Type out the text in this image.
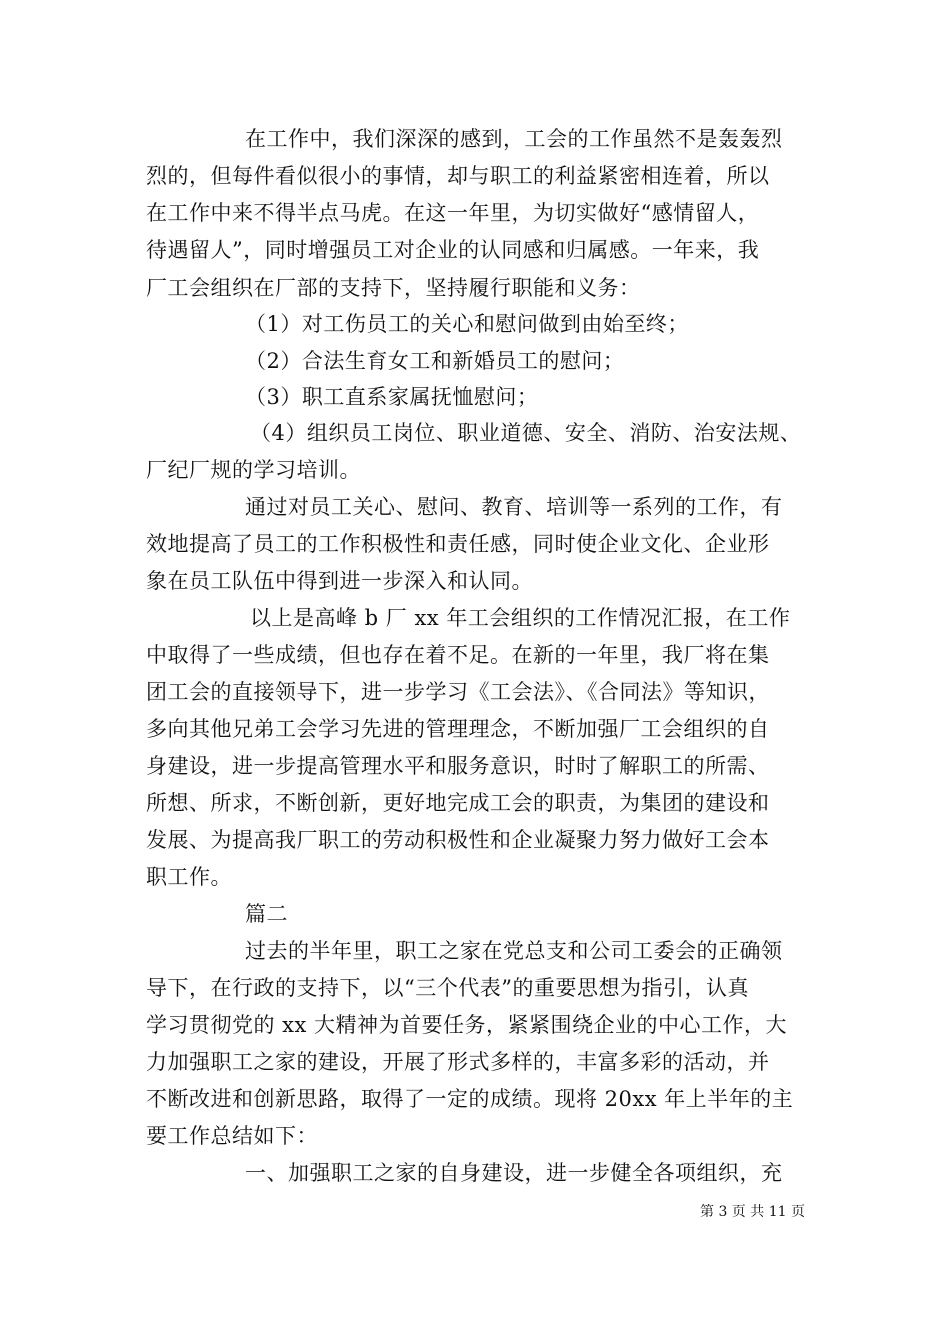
在工作中，我们深深的感到，工会的工作虽然不是轰轰烈
烈的，但每件看似很小的事情，却与职工的利益紧密相连着，所以
在工作中来不得半点马虎。在这一年里，为切实做好“感情留人，
待遇留人”，同时增强员工对企业的认同感和归属感。一年来，我
厂工会组织在厂部的支持下，坚持履行职能和义务：
（1）对工伤员工的关心和慰问做到由始至终；
（2）合法生育女工和新婚员工的慰问；
（3）职工直系家属抚恤慰问；
（4）组织员工岗位、职业道德、安全、消防、治安法规、
厂纪厂规的学习培训。
通过对员工关心、慰问、教育、培训等一系列的工作，有
效地提高了员工的工作积极性和责任感，同时使企业文化、企业形
象在员工队伍中得到进一步深入和认同。
以上是高峰 b 厂 xx 年工会组织的工作情况汇报，在工作
中取得了一些成绩，但也存在着不足。在新的一年里，我厂将在集
团工会的直接领导下，进一步学习《工会法》、《合同法》等知识，
多向其他兄弟工会学习先进的管理理念，不断加强厂工会组织的自
身建设，进一步提高管理水平和服务意识，时时了解职工的所需、
所想、所求，不断创新，更好地完成工会的职责，为集团的建设和
发展、为提高我厂职工的劳动积极性和企业凝聚力努力做好工会本
职工作。
篇二
过去的半年里，职工之家在党总支和公司工委会的正确领
导下，在行政的支持下，以“三个代表”的重要思想为指引，认真
学习贯彻党的 xx 大精神为首要任务，紧紧围绕企业的中心工作，大
力加强职工之家的建设，开展了形式多样的，丰富多彩的活动，并
不断改进和创新思路，取得了一定的成绩。现将 20xx 年上半年的主
要工作总结如下：
一、加强职工之家的自身建设，进一步健全各项组织，充
第 3 页 共 11 页
